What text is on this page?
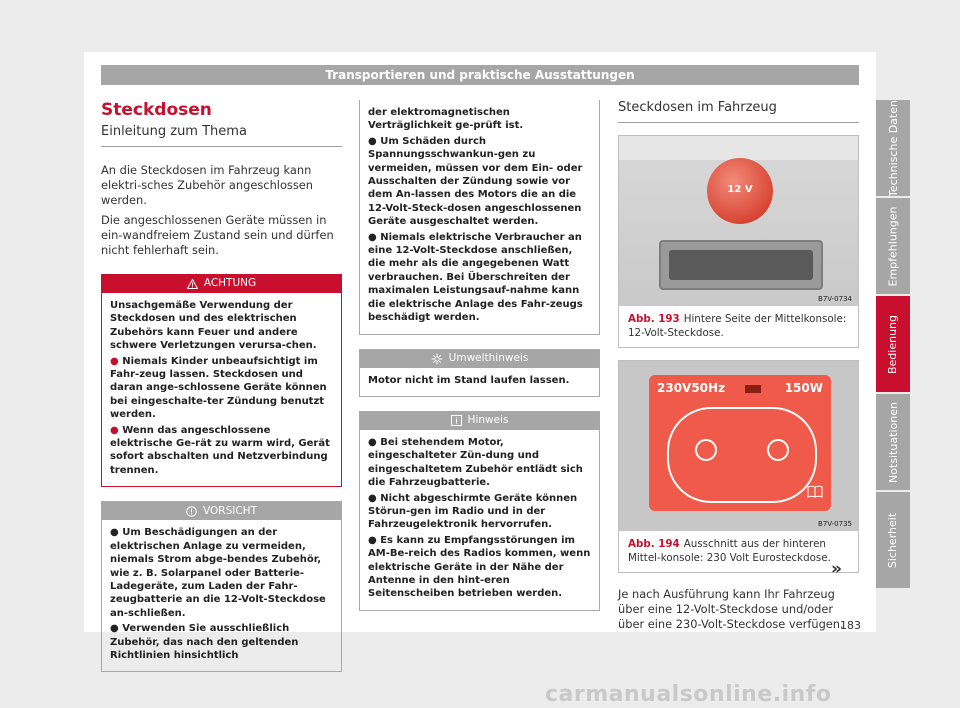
Transportieren und praktische Ausstattungen
Steckdosen
Einleitung zum Thema

An die Steckdosen im Fahrzeug kann elektri-sches Zubehör angeschlossen werden.

Die angeschlossenen Geräte müssen in ein-wandfreiem Zustand sein und dürfen nicht fehlerhaft sein.

ACHTUNG

Unsachgemäße Verwendung der Steckdosen und des elektrischen Zubehörs kann Feuer und andere schwere Verletzungen verursa-chen.

● Niemals Kinder unbeaufsichtigt im Fahr-zeug lassen. Steckdosen und daran ange-schlossene Geräte können bei eingeschalte-ter Zündung benutzt werden.

● Wenn das angeschlossene elektrische Ge-rät zu warm wird, Gerät sofort abschalten und Netzverbindung trennen.

VORSICHT

● Um Beschädigungen an der elektrischen Anlage zu vermeiden, niemals Strom abge-bendes Zubehör, wie z. B. Solarpanel oder Batterie-Ladegeräte, zum Laden der Fahr-zeugbatterie an die 12-Volt-Steckdose an-schließen.

● Verwenden Sie ausschließlich Zubehör, das nach den geltenden Richtlinien hinsichtlich

der elektromagnetischen Verträglichkeit ge-prüft ist.

● Um Schäden durch Spannungsschwankun-gen zu vermeiden, müssen vor dem Ein- oder Ausschalten der Zündung sowie vor dem An-lassen des Motors die an die 12-Volt-Steck-dosen angeschlossenen Geräte ausgeschaltet werden.

● Niemals elektrische Verbraucher an eine 12-Volt-Steckdose anschließen, die mehr als die angegebenen Watt verbrauchen. Bei Überschreiten der maximalen Leistungsauf-nahme kann die elektrische Anlage des Fahr-zeugs beschädigt werden.

Umwelthinweis

Motor nicht im Stand laufen lassen.

Hinweis

● Bei stehendem Motor, eingeschalteter Zün-dung und eingeschaltetem Zubehör entlädt sich die Fahrzeugbatterie.

● Nicht abgeschirmte Geräte können Störun-gen im Radio und in der Fahrzeugelektronik hervorrufen.

● Es kann zu Empfangsstörungen im AM-Be-reich des Radios kommen, wenn elektrische Geräte in der Nähe der Antenne in den hint-eren Seitenscheiben betrieben werden.

Steckdosen im Fahrzeug
12 V
B7V-0734
Abb. 193 Hintere Seite der Mittelkonsole: 12-Volt-Steckdose.
230V50Hz	150W
B7V-0735
Abb. 194 Ausschnitt aus der hinteren Mittel-konsole: 230 Volt Eurosteckdose.

Je nach Ausführung kann Ihr Fahrzeug über eine 12-Volt-Steckdose und/oder über eine 230-Volt-Steckdose verfügen.

»
Technische Daten
Empfehlungen
Bedienung
Notsituationen
Sicherheit
183
carmanualsonline.info
